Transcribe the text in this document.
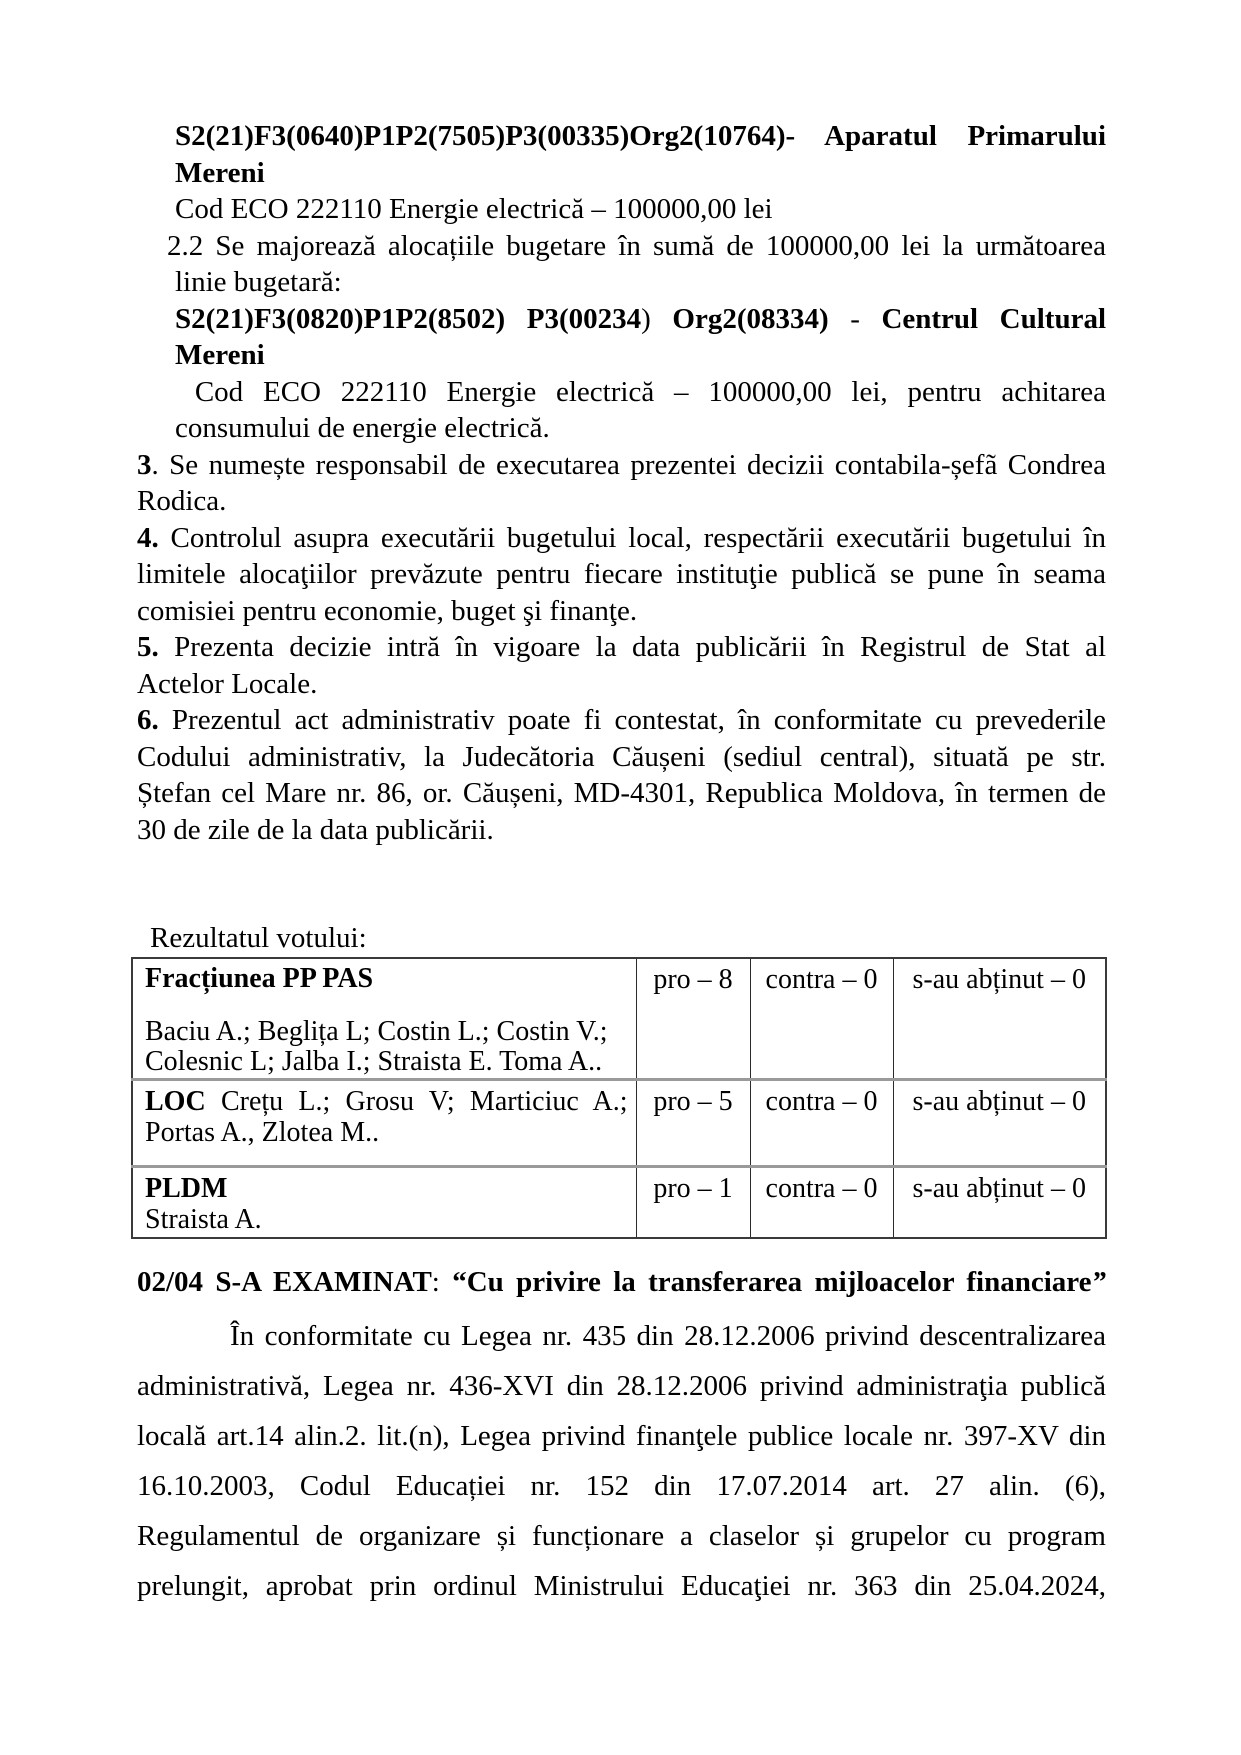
S2(21)F3(0640)P1P2(7505)P3(00335)Org2(10764)- Aparatul Primarului
Mereni
Cod ECO 222110 Energie electrică – 100000,00 lei
2.2 Se majorează alocațiile bugetare în sumă de 100000,00 lei la următoarea
linie bugetară:
S2(21)F3(0820)P1P2(8502) P3(00234) Org2(08334) - Centrul Cultural
Mereni
Cod ECO 222110 Energie electrică – 100000,00 lei, pentru achitarea
consumului de energie electrică.
3. Se numește responsabil de executarea prezentei decizii contabila-șefã Condrea
Rodica.
4. Controlul asupra executării bugetului local, respectării executării bugetului în
limitele alocaţiilor prevăzute pentru fiecare instituţie publică se pune în seama
comisiei pentru economie, buget şi finanţe.
5. Prezenta decizie intră în vigoare la data publicării în Registrul de Stat al
Actelor Locale.
6. Prezentul act administrativ poate fi contestat, în conformitate cu prevederile
Codului administrativ, la Judecătoria Căușeni (sediul central), situată pe str.
Ștefan cel Mare nr. 86, or. Căușeni, MD-4301, Republica Moldova, în termen de
30 de zile de la data publicării.
Rezultatul votului:
Fracțiunea PP PAS

Baciu A.; Beglița L; Costin L.; Costin V.;
Colesnic L; Jalba I.; Straista E. Toma A..	pro – 8	contra – 0	s-au abținut – 0

LOC Crețu L.; Grosu V; Marticiuc A.; Portas A., Zlotea M..	pro – 5	contra – 0	s-au abținut – 0

PLDM
Straista A.	pro – 1	contra – 0	s-au abținut – 0
02/04 S-A EXAMINAT: “Cu privire la transferarea mijloacelor financiare”
În conformitate cu Legea nr. 435 din 28.12.2006 privind descentralizarea
administrativă, Legea nr. 436-XVI din 28.12.2006 privind administraţia publică
locală art.14 alin.2. lit.(n), Legea privind finanţele publice locale nr. 397-XV din
16.10.2003, Codul Educației nr. 152 din 17.07.2014 art. 27 alin. (6),
Regulamentul de organizare și funcționare a claselor și grupelor cu program
prelungit, aprobat prin ordinul Ministrului Educaţiei nr. 363 din 25.04.2024,
